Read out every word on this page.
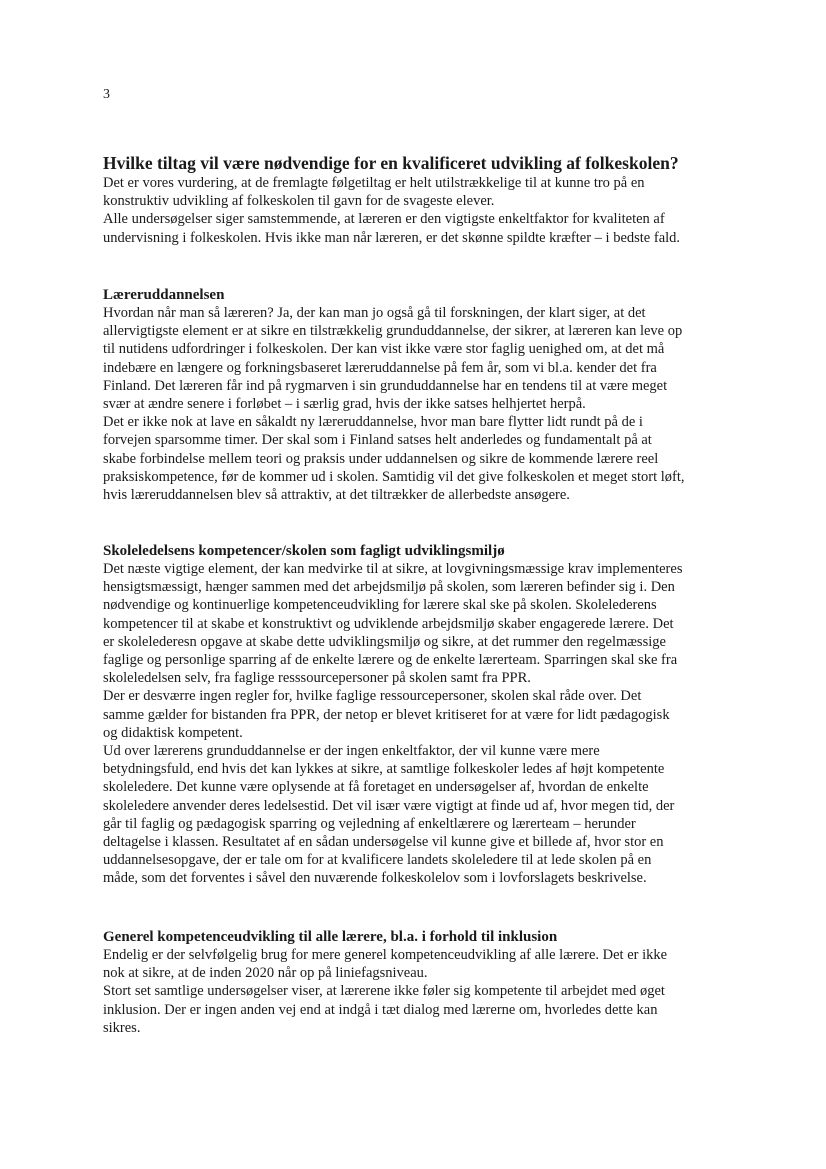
3
Hvilke tiltag vil være nødvendige for en kvalificeret udvikling af folkeskolen?
Det er vores vurdering, at de fremlagte følgetiltag er helt utilstrækkelige til at kunne tro på en
konstruktiv udvikling af folkeskolen til gavn for de svageste elever.
Alle undersøgelser siger samstemmende, at læreren er den vigtigste enkeltfaktor for kvaliteten af
undervisning i folkeskolen. Hvis ikke man når læreren, er det skønne spildte kræfter – i bedste fald.
Læreruddannelsen
Hvordan når man så læreren? Ja, der kan man jo også gå til forskningen, der klart siger, at det
allervigtigste element er at sikre en tilstrækkelig grunduddannelse, der sikrer, at læreren kan leve op
til nutidens udfordringer i folkeskolen. Der kan vist ikke være stor faglig uenighed om, at det må
indebære en længere og forkningsbaseret læreruddannelse på fem år, som vi bl.a. kender det fra
Finland. Det læreren får ind på rygmarven i sin grunduddannelse har en tendens til at være meget
svær at ændre senere i forløbet – i særlig grad, hvis der ikke satses helhjertet herpå.
Det er ikke nok at lave en såkaldt ny læreruddannelse, hvor man bare flytter lidt rundt på de i
forvejen sparsomme timer. Der skal som i Finland satses helt anderledes og fundamentalt på at
skabe forbindelse mellem teori og praksis under uddannelsen og sikre de kommende lærere reel
praksiskompetence, før de kommer ud i skolen. Samtidig vil det give folkeskolen et meget stort løft,
hvis læreruddannelsen blev så attraktiv, at det tiltrækker de allerbedste ansøgere.
Skoleledelsens kompetencer/skolen som fagligt udviklingsmiljø
Det næste vigtige element, der kan medvirke til at sikre, at lovgivningsmæssige krav implementeres
hensigtsmæssigt, hænger sammen med det arbejdsmiljø på skolen, som læreren befinder sig i. Den
nødvendige og kontinuerlige kompetenceudvikling for lærere skal ske på skolen. Skolelederens
kompetencer til at skabe et konstruktivt og udviklende arbejdsmiljø skaber engagerede lærere. Det
er skolelederesn opgave at skabe dette udviklingsmiljø og sikre, at det rummer den regelmæssige
faglige og personlige sparring af de enkelte lærere og de enkelte lærerteam. Sparringen skal ske fra
skoleledelsen selv, fra faglige resssourcepersoner på skolen samt fra PPR.
Der er desværre ingen regler for, hvilke faglige ressourcepersoner, skolen skal råde over. Det
samme gælder for bistanden fra PPR, der netop er blevet kritiseret for at være for lidt pædagogisk
og didaktisk kompetent.
Ud over lærerens grunduddannelse er der ingen enkeltfaktor, der vil kunne være mere
betydningsfuld, end hvis det kan lykkes at sikre, at samtlige folkeskoler ledes af højt kompetente
skoleledere. Det kunne være oplysende at få foretaget en undersøgelser af, hvordan de enkelte
skoleledere anvender deres ledelsestid. Det vil især være vigtigt at finde ud af, hvor megen tid, der
går til faglig og pædagogisk sparring og vejledning af enkeltlærere og lærerteam – herunder
deltagelse i klassen. Resultatet af en sådan undersøgelse vil kunne give et billede af, hvor stor en
uddannelsesopgave, der er tale om for at kvalificere landets skoleledere til at lede skolen på en
måde, som det forventes i såvel den nuværende folkeskolelov som i lovforslagets beskrivelse.
Generel kompetenceudvikling til alle lærere, bl.a. i forhold til inklusion
Endelig er der selvfølgelig brug for mere generel kompetenceudvikling af alle lærere. Det er ikke
nok at sikre, at de inden 2020 når op på liniefagsniveau.
Stort set samtlige undersøgelser viser, at lærerene ikke føler sig kompetente til arbejdet med øget
inklusion. Der er ingen anden vej end at indgå i tæt dialog med lærerne om, hvorledes dette kan
sikres.
